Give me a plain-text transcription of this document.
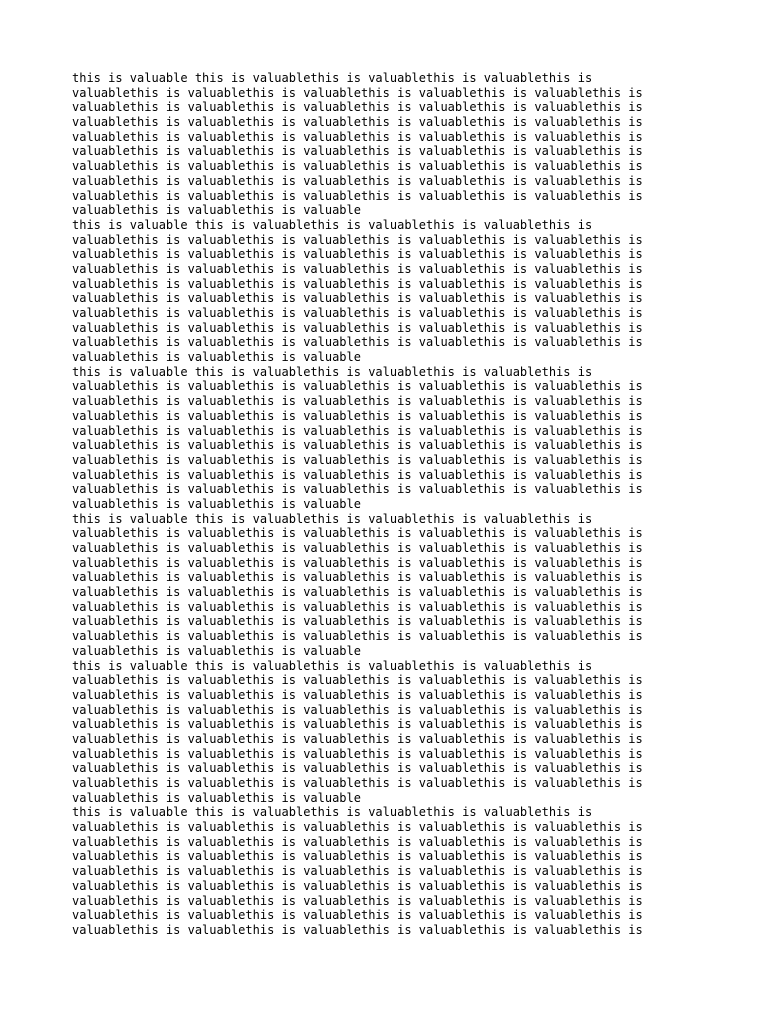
this is valuable this is valuablethis is valuablethis is valuablethis is
valuablethis is valuablethis is valuablethis is valuablethis is valuablethis is
valuablethis is valuablethis is valuablethis is valuablethis is valuablethis is
valuablethis is valuablethis is valuablethis is valuablethis is valuablethis is
valuablethis is valuablethis is valuablethis is valuablethis is valuablethis is
valuablethis is valuablethis is valuablethis is valuablethis is valuablethis is
valuablethis is valuablethis is valuablethis is valuablethis is valuablethis is
valuablethis is valuablethis is valuablethis is valuablethis is valuablethis is
valuablethis is valuablethis is valuablethis is valuablethis is valuablethis is
valuablethis is valuablethis is valuable
this is valuable this is valuablethis is valuablethis is valuablethis is
valuablethis is valuablethis is valuablethis is valuablethis is valuablethis is
valuablethis is valuablethis is valuablethis is valuablethis is valuablethis is
valuablethis is valuablethis is valuablethis is valuablethis is valuablethis is
valuablethis is valuablethis is valuablethis is valuablethis is valuablethis is
valuablethis is valuablethis is valuablethis is valuablethis is valuablethis is
valuablethis is valuablethis is valuablethis is valuablethis is valuablethis is
valuablethis is valuablethis is valuablethis is valuablethis is valuablethis is
valuablethis is valuablethis is valuablethis is valuablethis is valuablethis is
valuablethis is valuablethis is valuable
this is valuable this is valuablethis is valuablethis is valuablethis is
valuablethis is valuablethis is valuablethis is valuablethis is valuablethis is
valuablethis is valuablethis is valuablethis is valuablethis is valuablethis is
valuablethis is valuablethis is valuablethis is valuablethis is valuablethis is
valuablethis is valuablethis is valuablethis is valuablethis is valuablethis is
valuablethis is valuablethis is valuablethis is valuablethis is valuablethis is
valuablethis is valuablethis is valuablethis is valuablethis is valuablethis is
valuablethis is valuablethis is valuablethis is valuablethis is valuablethis is
valuablethis is valuablethis is valuablethis is valuablethis is valuablethis is
valuablethis is valuablethis is valuable
this is valuable this is valuablethis is valuablethis is valuablethis is
valuablethis is valuablethis is valuablethis is valuablethis is valuablethis is
valuablethis is valuablethis is valuablethis is valuablethis is valuablethis is
valuablethis is valuablethis is valuablethis is valuablethis is valuablethis is
valuablethis is valuablethis is valuablethis is valuablethis is valuablethis is
valuablethis is valuablethis is valuablethis is valuablethis is valuablethis is
valuablethis is valuablethis is valuablethis is valuablethis is valuablethis is
valuablethis is valuablethis is valuablethis is valuablethis is valuablethis is
valuablethis is valuablethis is valuablethis is valuablethis is valuablethis is
valuablethis is valuablethis is valuable
this is valuable this is valuablethis is valuablethis is valuablethis is
valuablethis is valuablethis is valuablethis is valuablethis is valuablethis is
valuablethis is valuablethis is valuablethis is valuablethis is valuablethis is
valuablethis is valuablethis is valuablethis is valuablethis is valuablethis is
valuablethis is valuablethis is valuablethis is valuablethis is valuablethis is
valuablethis is valuablethis is valuablethis is valuablethis is valuablethis is
valuablethis is valuablethis is valuablethis is valuablethis is valuablethis is
valuablethis is valuablethis is valuablethis is valuablethis is valuablethis is
valuablethis is valuablethis is valuablethis is valuablethis is valuablethis is
valuablethis is valuablethis is valuable
this is valuable this is valuablethis is valuablethis is valuablethis is
valuablethis is valuablethis is valuablethis is valuablethis is valuablethis is
valuablethis is valuablethis is valuablethis is valuablethis is valuablethis is
valuablethis is valuablethis is valuablethis is valuablethis is valuablethis is
valuablethis is valuablethis is valuablethis is valuablethis is valuablethis is
valuablethis is valuablethis is valuablethis is valuablethis is valuablethis is
valuablethis is valuablethis is valuablethis is valuablethis is valuablethis is
valuablethis is valuablethis is valuablethis is valuablethis is valuablethis is
valuablethis is valuablethis is valuablethis is valuablethis is valuablethis is
